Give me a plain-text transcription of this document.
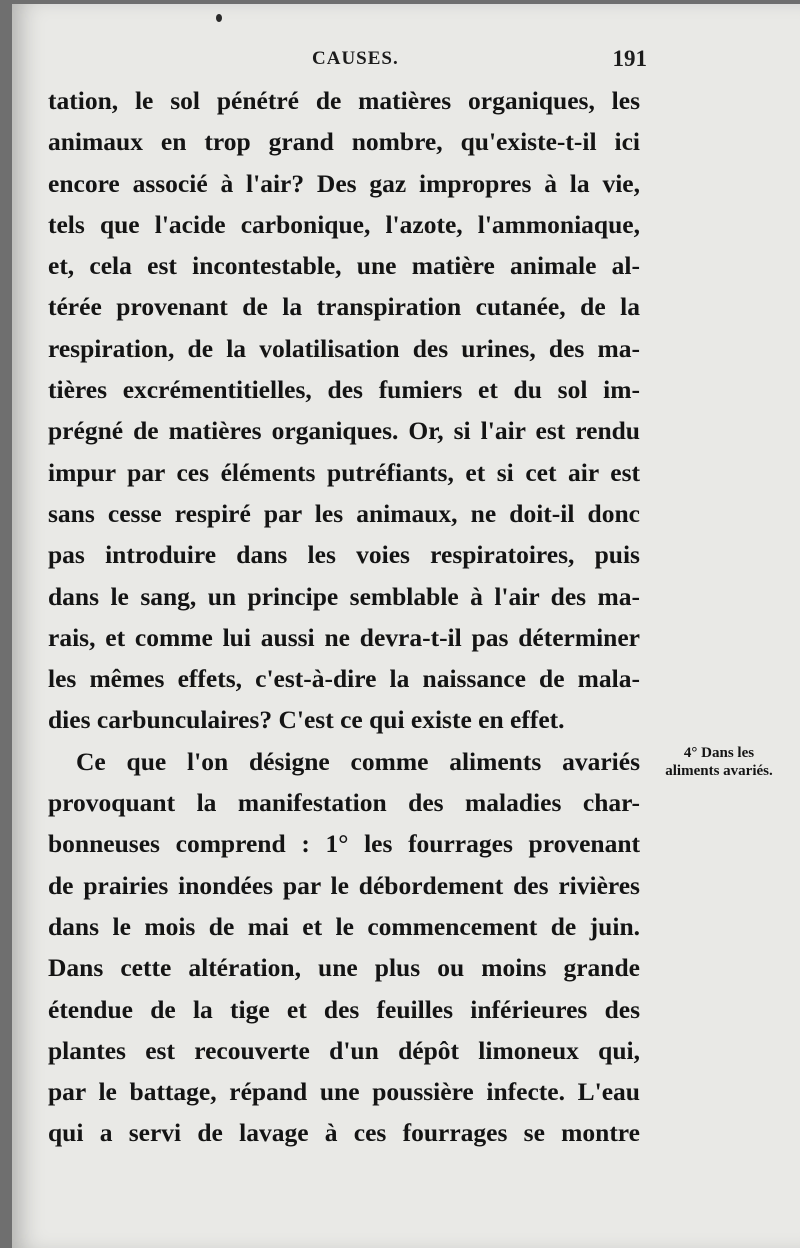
CAUSES.	191
tation, le sol pénétré de matières organiques, les
animaux en trop grand nombre, qu'existe-t-il ici
encore associé à l'air? Des gaz impropres à la vie,
tels que l'acide carbonique, l'azote, l'ammoniaque,
et, cela est incontestable, une matière animale al-
térée provenant de la transpiration cutanée, de la
respiration, de la volatilisation des urines, des ma-
tières excrémentitielles, des fumiers et du sol im-
prégné de matières organiques. Or, si l'air est rendu
impur par ces éléments putréfiants, et si cet air est
sans cesse respiré par les animaux, ne doit-il donc
pas introduire dans les voies respiratoires, puis
dans le sang, un principe semblable à l'air des ma-
rais, et comme lui aussi ne devra-t-il pas déterminer
les mêmes effets, c'est-à-dire la naissance de mala-
dies carbunculaires? C'est ce qui existe en effet.
Ce que l'on désigne comme aliments avariés
provoquant la manifestation des maladies char-
bonneuses comprend : 1° les fourrages provenant
de prairies inondées par le débordement des rivières
dans le mois de mai et le commencement de juin.
Dans cette altération, une plus ou moins grande
étendue de la tige et des feuilles inférieures des
plantes est recouverte d'un dépôt limoneux qui,
par le battage, répand une poussière infecte. L'eau
qui a servi de lavage à ces fourrages se montre
4° Dans les
aliments avariés.
